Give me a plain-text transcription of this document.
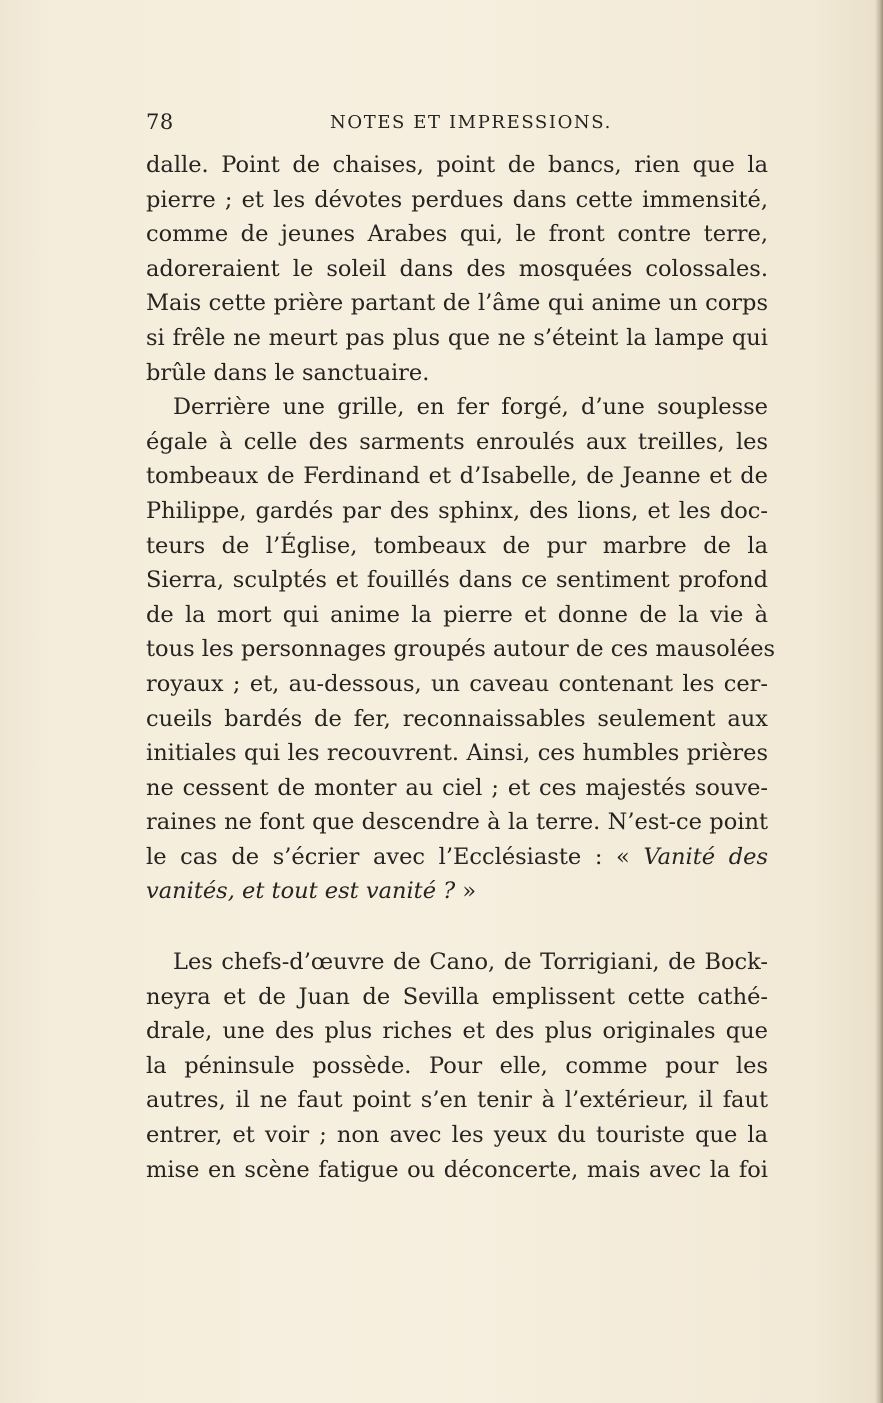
78	NOTES ET IMPRESSIONS.
dalle. Point de chaises, point de bancs, rien que la
pierre ; et les dévotes perdues dans cette immensité,
comme de jeunes Arabes qui, le front contre terre,
adoreraient le soleil dans des mosquées colossales.
Mais cette prière partant de l’âme qui anime un corps
si frêle ne meurt pas plus que ne s’éteint la lampe qui
brûle dans le sanctuaire.
Derrière une grille, en fer forgé, d’une souplesse
égale à celle des sarments enroulés aux treilles, les
tombeaux de Ferdinand et d’Isabelle, de Jeanne et de
Philippe, gardés par des sphinx, des lions, et les doc-
teurs de l’Église, tombeaux de pur marbre de la
Sierra, sculptés et fouillés dans ce sentiment profond
de la mort qui anime la pierre et donne de la vie à
tous les personnages groupés autour de ces mausolées
royaux ; et, au-dessous, un caveau contenant les cer-
cueils bardés de fer, reconnaissables seulement aux
initiales qui les recouvrent. Ainsi, ces humbles prières
ne cessent de monter au ciel ; et ces majestés souve-
raines ne font que descendre à la terre. N’est-ce point
le cas de s’écrier avec l’Ecclésiaste : « Vanité des
vanités, et tout est vanité ? »
Les chefs-d’œuvre de Cano, de Torrigiani, de Bock-
neyra et de Juan de Sevilla emplissent cette cathé-
drale, une des plus riches et des plus originales que
la péninsule possède. Pour elle, comme pour les
autres, il ne faut point s’en tenir à l’extérieur, il faut
entrer, et voir ; non avec les yeux du touriste que la
mise en scène fatigue ou déconcerte, mais avec la foi
